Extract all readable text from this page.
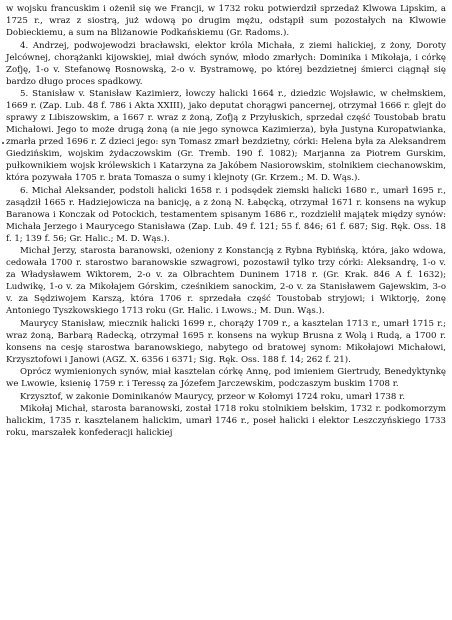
w wojsku francuskim i ożenił się we Francji, w 1732 roku potwierdził sprzedaż Klwowa Lipskim, a 1725 r., wraz z siostrą, już wdową po drugim mężu, odstąpił sum pozostałych na Klwowie Dobieckiemu, a sum na Bliżanowie Podkańskiemu (Gr. Radoms.).

4. Andrzej, podwojewodzi bracławski, elektor króla Michała, z ziemi halickiej, z żony, Doroty Jelcównej, chorążanki kijowskiej, miał dwóch synów, młodo zmarłych: Dominika i Mikołaja, i córkę Zofję, 1-o v. Stefanowę Rosnowską, 2-o v. Bystramowę, po której bezdzietnej śmierci ciągnął się bardzo długo proces spadkowy.

5. Stanisław v. Stanisław Kazimierz, łowczy halicki 1664 r., dziedzic Wojsławic, w chełmskiem, 1669 r. (Zap. Lub. 48 f. 786 i Akta XXIII), jako deputat chorągwi pancernej, otrzymał 1666 r. glejt do sprawy z Libiszowskim, a 1667 r. wraz z żoną, Zofją z Przyłuskich, sprzedał część Toustobab bratu Michałowi. Jego to może drugą żoną (a nie jego synowca Kazimierza), była Justyna Kuropatwianka, zmarła przed 1696 r. Z dzieci jego: syn Tomasz zmarł bezdzietny, córki: Helena była za Aleksandrem Giedzińskim, wojskim żydaczowskim (Gr. Tremb. 190 f. 1082); Marjanna za Piotrem Gurskim, pułkownikiem wojsk królewskich i Katarzyna za Jakóbem Nasiorowskim, stolnikiem ciechanowskim, która pozywała 1705 r. brata Tomasza o sumy i klejnoty (Gr. Krzem.; M. D. Wąs.).

6. Michał Aleksander, podstoli halicki 1658 r. i podsędek ziemski halicki 1680 r., umarł 1695 r., zasądził 1665 r. Hadziejowicza na banicję, a z żoną N. Łabęcką, otrzymał 1671 r. konsens na wykup Baranowa i Konczak od Potockich, testamentem spisanym 1686 r., rozdzielił majątek między synów: Michała Jerzego i Maurycego Stanisława (Zap. Lub. 49 f. 121; 55 f. 846; 61 f. 687; Sig. Ręk. Oss. 18 f. 1; 139 f. 56; Gr. Halic.; M. D. Wąs.).

Michał Jerzy, starosta baranowski, ożeniony z Konstancją z Rybna Rybińską, która, jako wdowa, cedowała 1700 r. starostwo baranowskie szwagrowi, pozostawił tylko trzy córki: Aleksandrę, 1-o v. za Władysławem Wiktorem, 2-o v. za Olbrachtem Duninem 1718 r. (Gr. Krak. 846 A f. 1632); Ludwikę, 1-o v. za Mikołajem Górskim, cześnikiem sanockim, 2-o v. za Stanisławem Gajewskim, 3-o v. za Sędziwojem Karszą, która 1706 r. sprzedała część Toustobab stryjowi; i Wiktorję, żonę Antoniego Tyszkowskiego 1713 roku (Gr. Halic. i Lwows.; M. Dun. Wąs.).

Maurycy Stanisław, miecznik halicki 1699 r., chorąży 1709 r., a kasztelan 1713 r., umarł 1715 r.; wraz żoną, Barbarą Radecką, otrzymał 1695 r. konsens na wykup Brusna z Wolą i Rudą, a 1700 r. konsens na cesję starostwa baranowskiego, nabytego od bratowej synom: Mikołajowi Michałowi, Krzysztofowi i Janowi (AGZ. X. 6356 i 6371; Sig. Ręk. Oss. 188 f. 14; 262 f. 21).

Oprócz wymienionych synów, miał kasztelan córkę Annę, pod imieniem Giertrudy, Benedyktynkę we Lwowie, ksienię 1759 r. i Teressę za Józefem Jarczewskim, podczaszym buskim 1708 r.

Krzysztof, w zakonie Dominikanów Maurycy, przeor w Kołomyi 1724 roku, umarł 1738 r.

Mikołaj Michał, starosta baranowski, został 1718 roku stolnikiem bełskim, 1732 r. podkomorzym halickim, 1735 r. kasztelanem halickim, umarł 1746 r., poseł halicki i elektor Leszczyńskiego 1733 roku, marszałek konfederacji halickiej
